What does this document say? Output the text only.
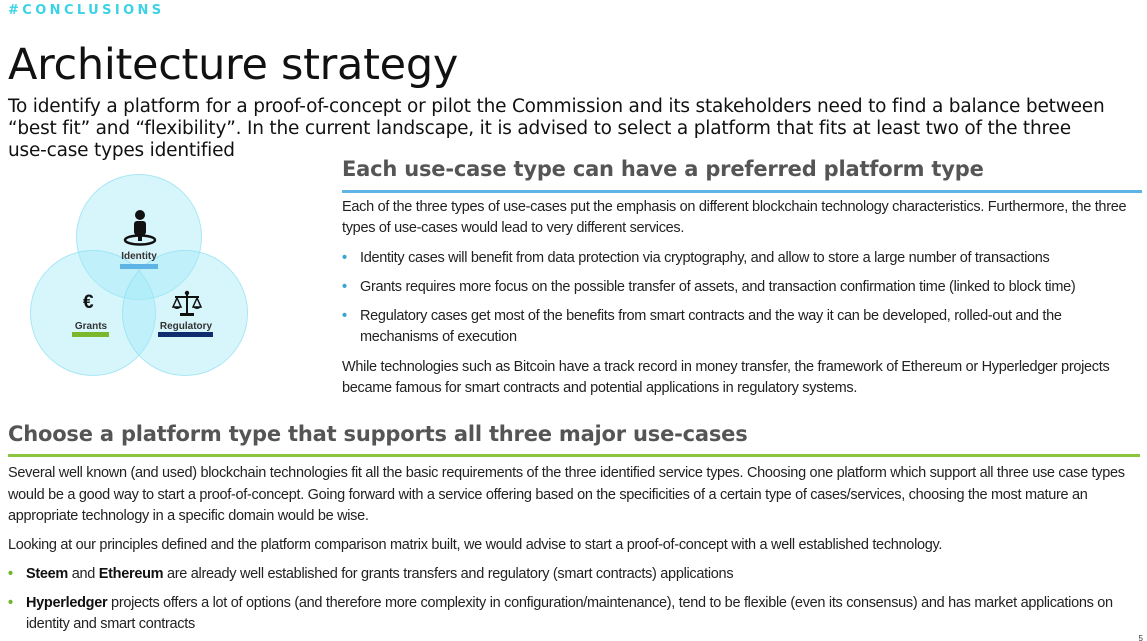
#CONCLUSIONS
Architecture strategy

To identify a platform for a proof-of-concept or pilot the Commission and its stakeholders need to find a balance between “best fit” and “flexibility”. In the current landscape, it is advised to select a platform that fits at least two of the three use-case types identified

Identity
€
Grants	Regulatory
Each use-case type can have a preferred platform type

Each of the three types of use-cases put the emphasis on different blockchain technology characteristics. Furthermore, the three types of use-cases would lead to very different services.

• Identity cases will benefit from data protection via cryptography, and allow to store a large number of transactions
• Grants requires more focus on the possible transfer of assets, and transaction confirmation time (linked to block time)
• Regulatory cases get most of the benefits from smart contracts and the way it can be developed, rolled-out and the mechanisms of execution

While technologies such as Bitcoin have a track record in money transfer, the framework of Ethereum or Hyperledger projects became famous for smart contracts and potential applications in regulatory systems.

Choose a platform type that supports all three major use-cases

Several well known (and used) blockchain technologies fit all the basic requirements of the three identified service types. Choosing one platform which support all three use case types would be a good way to start a proof-of-concept. Going forward with a service offering based on the specificities of a certain type of cases/services, choosing the most mature an appropriate technology in a specific domain would be wise.

Looking at our principles defined and the platform comparison matrix built, we would advise to start a proof-of-concept with a well established technology.

• Steem and Ethereum are already well established for grants transfers and regulatory (smart contracts) applications
• Hyperledger projects offers a lot of options (and therefore more complexity in configuration/maintenance), tend to be flexible (even its consensus) and has market applications on identity and smart contracts
5
